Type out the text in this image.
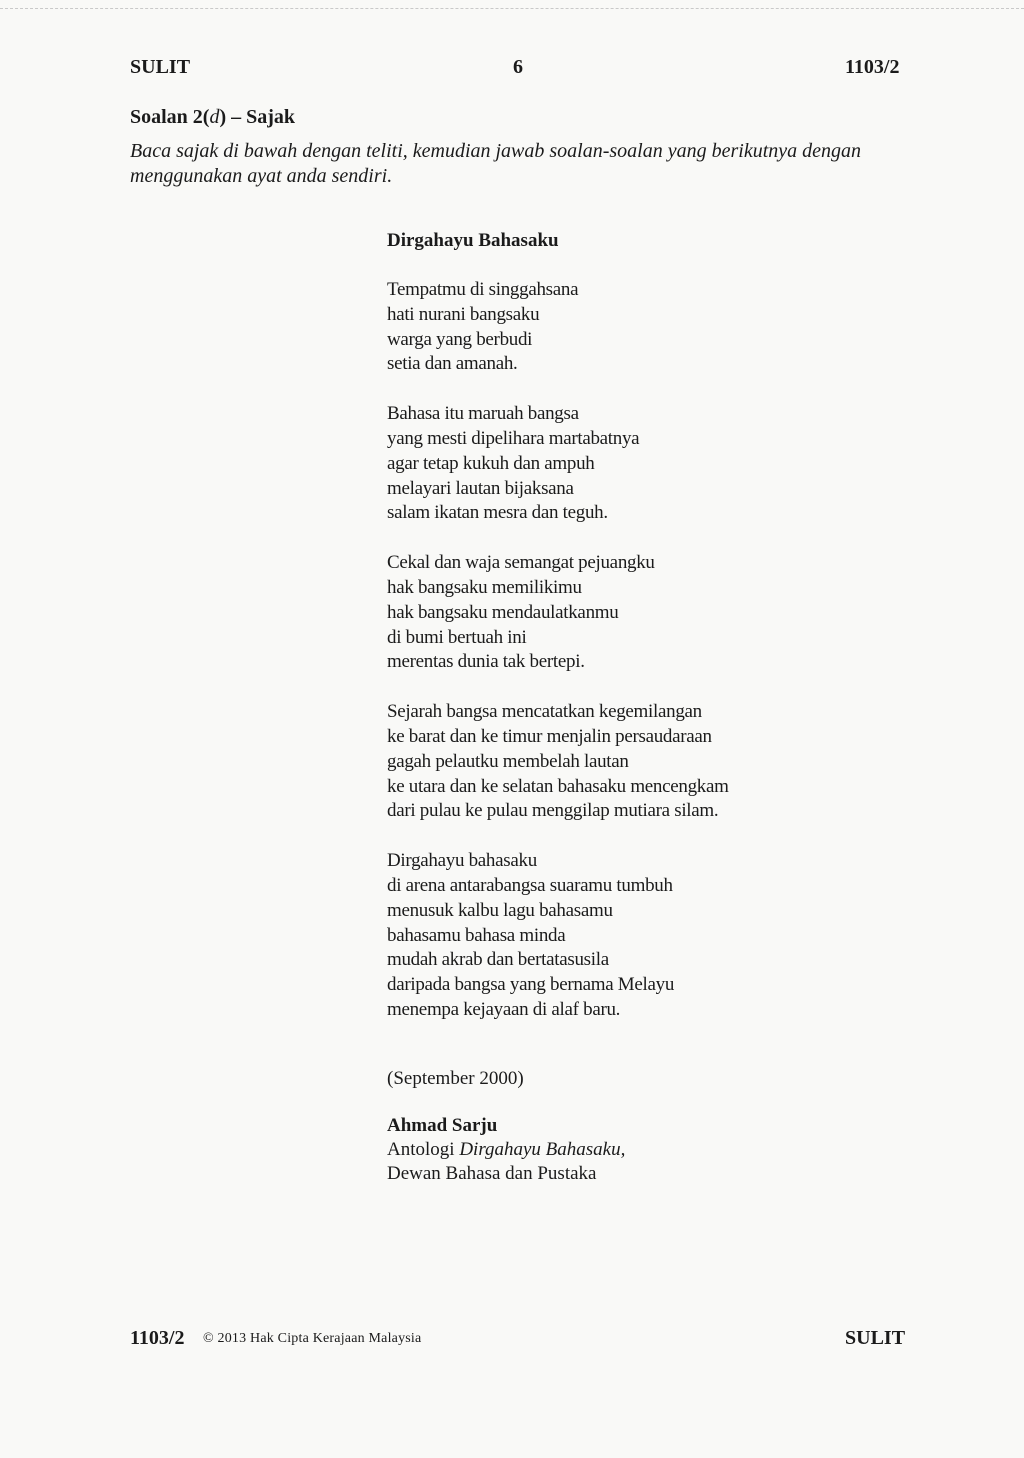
SULIT	6	1103/2
Soalan 2(d) – Sajak
Baca sajak di bawah dengan teliti, kemudian jawab soalan-soalan yang berikutnya dengan menggunakan ayat anda sendiri.
Dirgahayu Bahasaku
Tempatmu di singgahsana
hati nurani bangsaku
warga yang berbudi
setia dan amanah.
Bahasa itu maruah bangsa
yang mesti dipelihara martabatnya
agar tetap kukuh dan ampuh
melayari lautan bijaksana
salam ikatan mesra dan teguh.
Cekal dan waja semangat pejuangku
hak bangsaku memilikimu
hak bangsaku mendaulatkanmu
di bumi bertuah ini
merentas dunia tak bertepi.
Sejarah bangsa mencatatkan kegemilangan
ke barat dan ke timur menjalin persaudaraan
gagah pelautku membelah lautan
ke utara dan ke selatan bahasaku mencengkam
dari pulau ke pulau menggilap mutiara silam.
Dirgahayu bahasaku
di arena antarabangsa suaramu tumbuh
menusuk kalbu lagu bahasamu
bahasamu bahasa minda
mudah akrab dan bertatasusila
daripada bangsa yang bernama Melayu
menempa kejayaan di alaf baru.
(September 2000)
Ahmad Sarju
Antologi Dirgahayu Bahasaku,
Dewan Bahasa dan Pustaka
1103/2 © 2013 Hak Cipta Kerajaan Malaysia	SULIT
